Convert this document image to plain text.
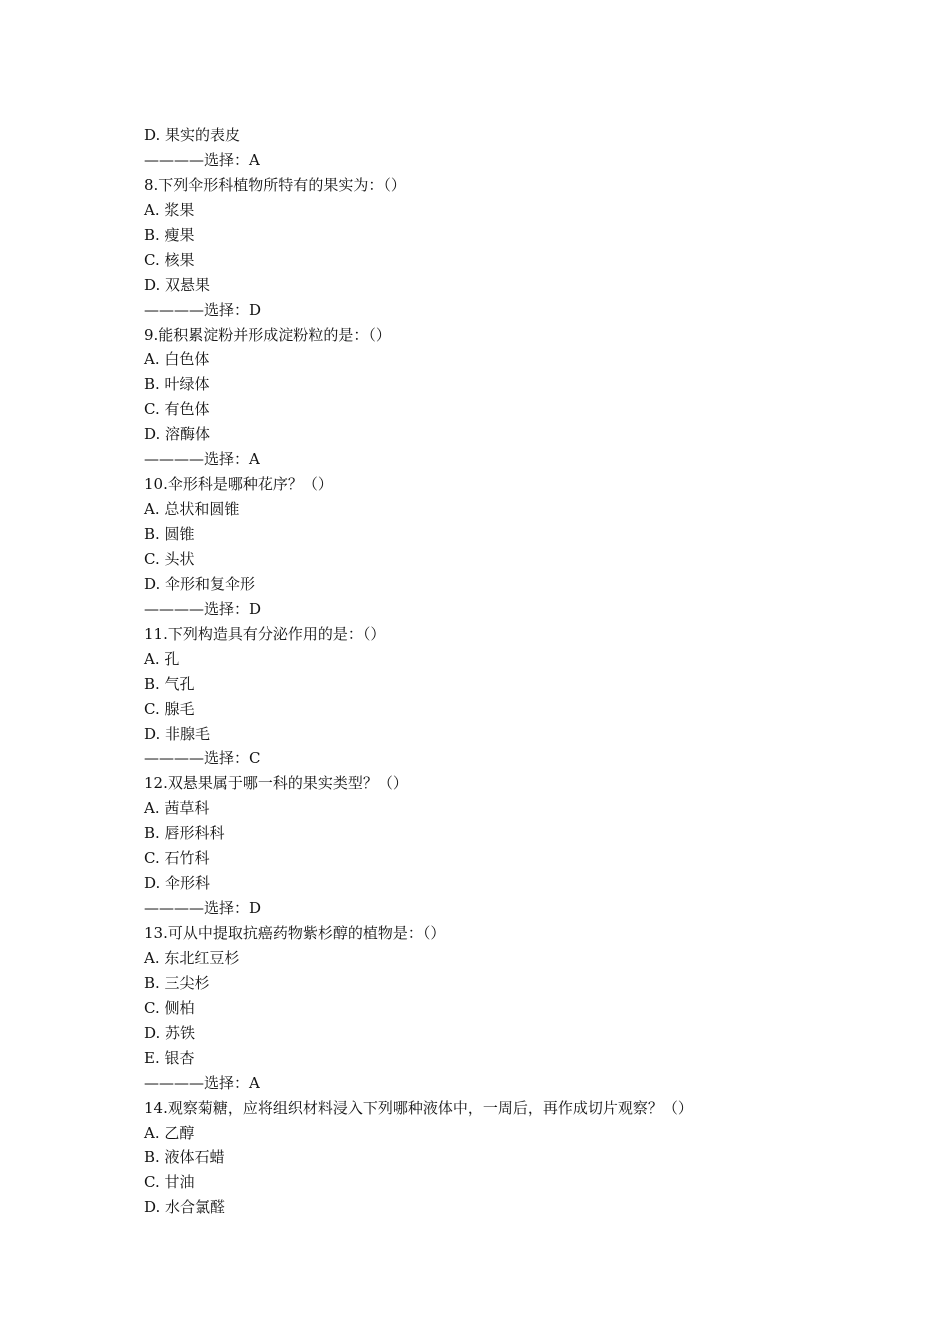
D. 果实的表皮

————选择：A

8.下列伞形科植物所特有的果实为：（）

A. 浆果

B. 瘦果

C. 核果

D. 双悬果

————选择：D

9.能积累淀粉并形成淀粉粒的是：（）

A. 白色体

B. 叶绿体

C. 有色体

D. 溶酶体

————选择：A

10.伞形科是哪种花序？（）

A. 总状和圆锥

B. 圆锥

C. 头状

D. 伞形和复伞形

————选择：D

11.下列构造具有分泌作用的是：（）

A. 孔

B. 气孔

C. 腺毛

D. 非腺毛

————选择：C

12.双悬果属于哪一科的果实类型？（）

A. 茜草科

B. 唇形科科

C. 石竹科

D. 伞形科

————选择：D

13.可从中提取抗癌药物紫杉醇的植物是：（）

A. 东北红豆杉

B. 三尖杉

C. 侧柏

D. 苏铁

E. 银杏

————选择：A

14.观察菊糖，应将组织材料浸入下列哪种液体中，一周后，再作成切片观察？（）

A. 乙醇

B. 液体石蜡

C. 甘油

D. 水合氯醛
